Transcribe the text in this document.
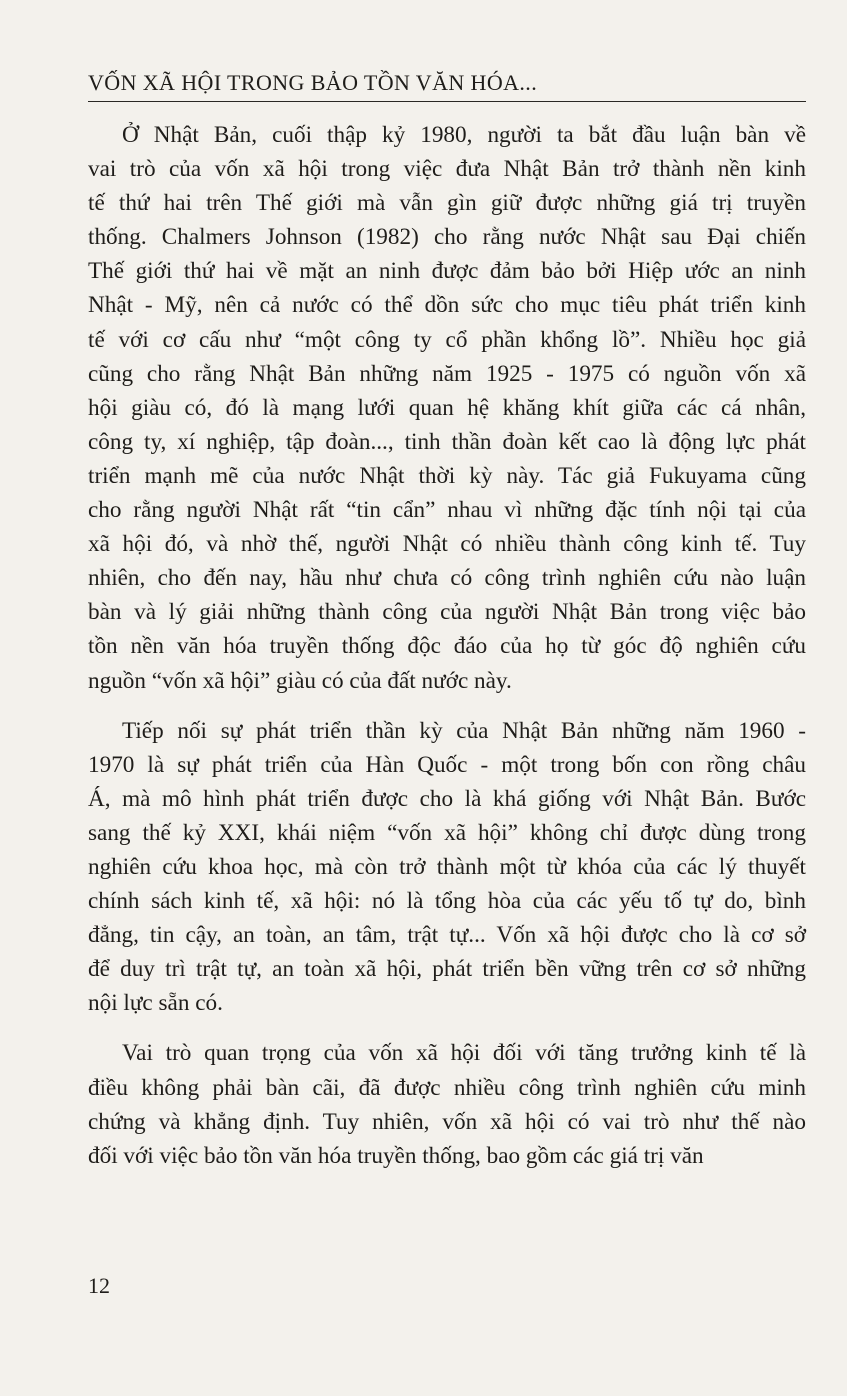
VỐN XÃ HỘI TRONG BẢO TỒN VĂN HÓA...
Ở Nhật Bản, cuối thập kỷ 1980, người ta bắt đầu luận bàn về
vai trò của vốn xã hội trong việc đưa Nhật Bản trở thành nền kinh
tế thứ hai trên Thế giới mà vẫn gìn giữ được những giá trị truyền
thống. Chalmers Johnson (1982) cho rằng nước Nhật sau Đại chiến
Thế giới thứ hai về mặt an ninh được đảm bảo bởi Hiệp ước an ninh
Nhật - Mỹ, nên cả nước có thể dồn sức cho mục tiêu phát triển kinh
tế với cơ cấu như “một công ty cổ phần khổng lồ”. Nhiều học giả
cũng cho rằng Nhật Bản những năm 1925 - 1975 có nguồn vốn xã
hội giàu có, đó là mạng lưới quan hệ khăng khít giữa các cá nhân,
công ty, xí nghiệp, tập đoàn..., tinh thần đoàn kết cao là động lực phát
triển mạnh mẽ của nước Nhật thời kỳ này. Tác giả Fukuyama cũng
cho rằng người Nhật rất “tin cẩn” nhau vì những đặc tính nội tại của
xã hội đó, và nhờ thế, người Nhật có nhiều thành công kinh tế. Tuy
nhiên, cho đến nay, hầu như chưa có công trình nghiên cứu nào luận
bàn và lý giải những thành công của người Nhật Bản trong việc bảo
tồn nền văn hóa truyền thống độc đáo của họ từ góc độ nghiên cứu
nguồn “vốn xã hội” giàu có của đất nước này.
Tiếp nối sự phát triển thần kỳ của Nhật Bản những năm 1960 -
1970 là sự phát triển của Hàn Quốc - một trong bốn con rồng châu
Á, mà mô hình phát triển được cho là khá giống với Nhật Bản. Bước
sang thế kỷ XXI, khái niệm “vốn xã hội” không chỉ được dùng trong
nghiên cứu khoa học, mà còn trở thành một từ khóa của các lý thuyết
chính sách kinh tế, xã hội: nó là tổng hòa của các yếu tố tự do, bình
đẳng, tin cậy, an toàn, an tâm, trật tự... Vốn xã hội được cho là cơ sở
để duy trì trật tự, an toàn xã hội, phát triển bền vững trên cơ sở những
nội lực sẵn có.
Vai trò quan trọng của vốn xã hội đối với tăng trưởng kinh tế là
điều không phải bàn cãi, đã được nhiều công trình nghiên cứu minh
chứng và khẳng định. Tuy nhiên, vốn xã hội có vai trò như thế nào
đối với việc bảo tồn văn hóa truyền thống, bao gồm các giá trị văn
12
